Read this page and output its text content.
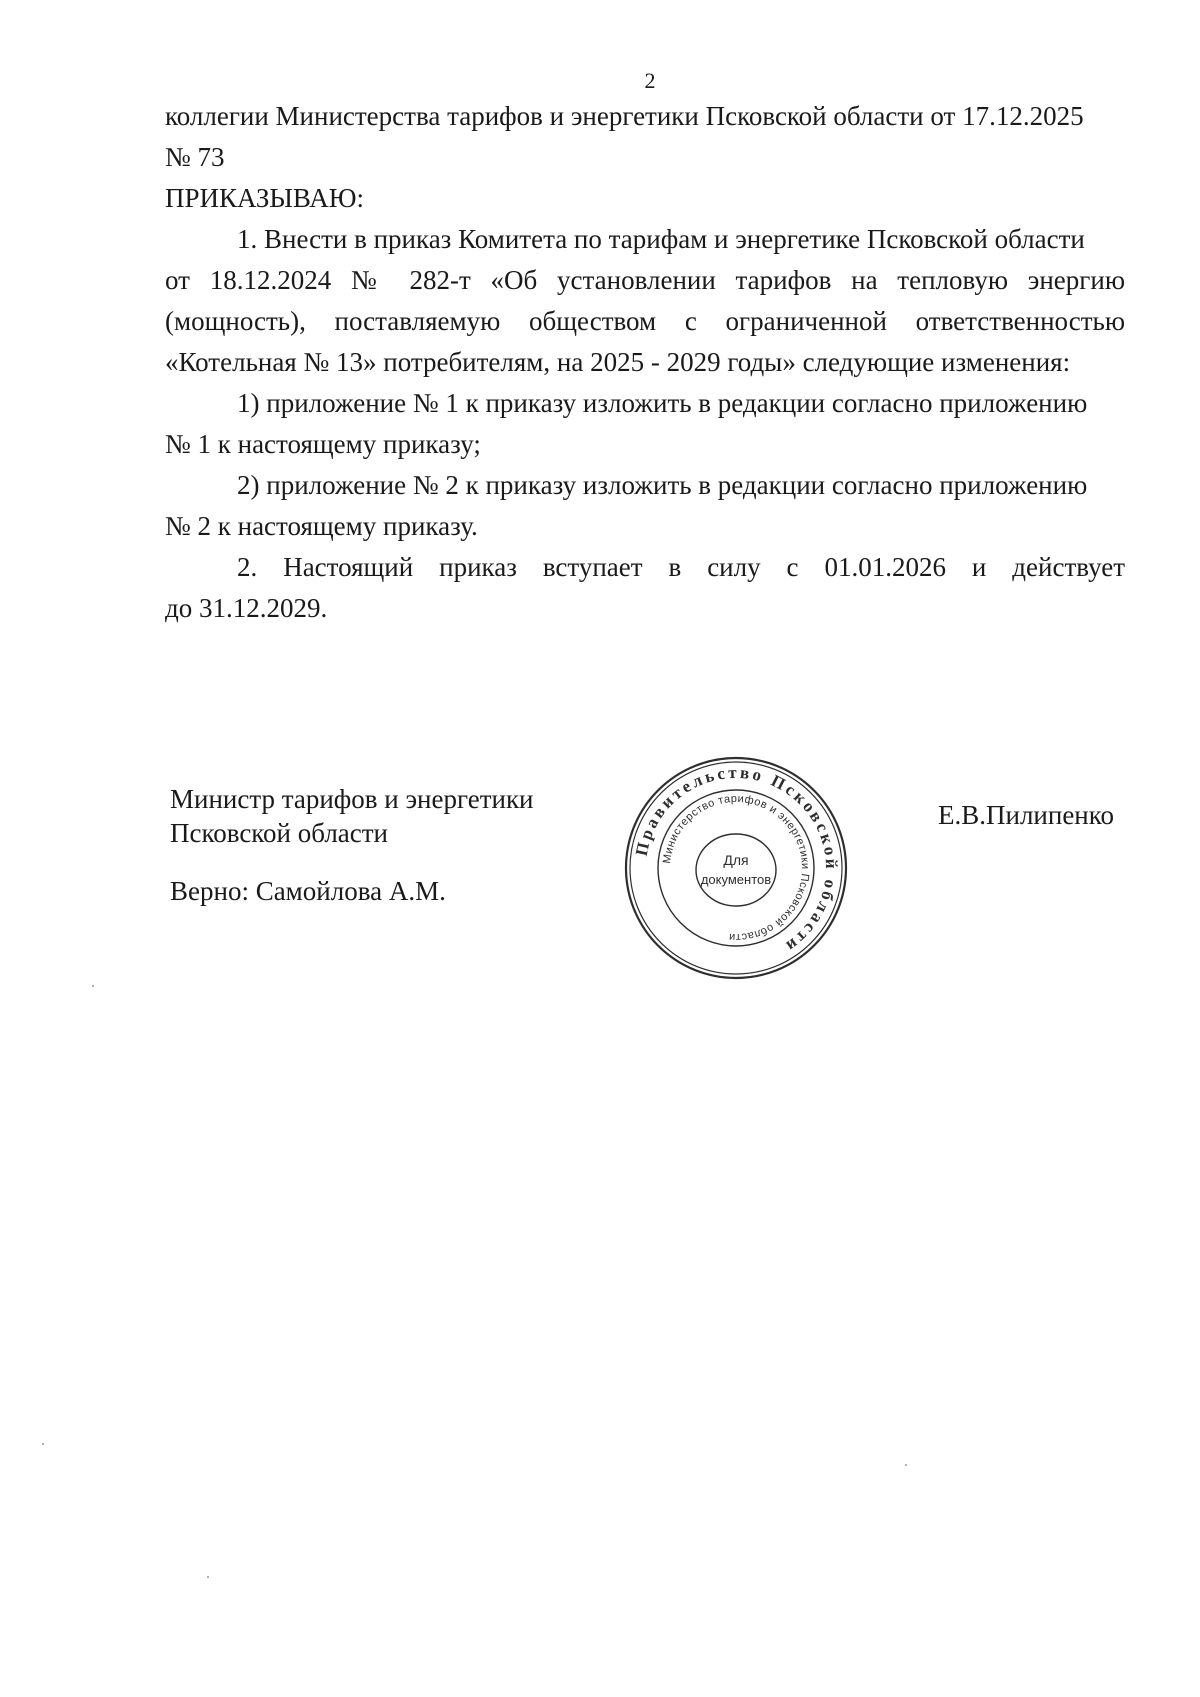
2
коллегии Министерства тарифов и энергетики Псковской области от 17.12.2025
№ 73
ПРИКАЗЫВАЮ:
1. Внести в приказ Комитета по тарифам и энергетике Псковской области
от 18.12.2024 № 282-т «Об установлении тарифов на тепловую энергию
(мощность), поставляемую обществом с ограниченной ответственностью
«Котельная № 13» потребителям, на 2025 - 2029 годы» следующие изменения:
1) приложение № 1 к приказу изложить в редакции согласно приложению
№ 1 к настоящему приказу;
2) приложение № 2 к приказу изложить в редакции согласно приложению
№ 2 к настоящему приказу.
2. Настоящий приказ вступает в силу с 01.01.2026 и действует
до 31.12.2029.
Министр тарифов и энергетики
Псковской области
Верно: Самойлова А.М.
Е.В.Пилипенко
Правительство Псковской области
Министерство тарифов и энергетики Псковской области
Для
документов
